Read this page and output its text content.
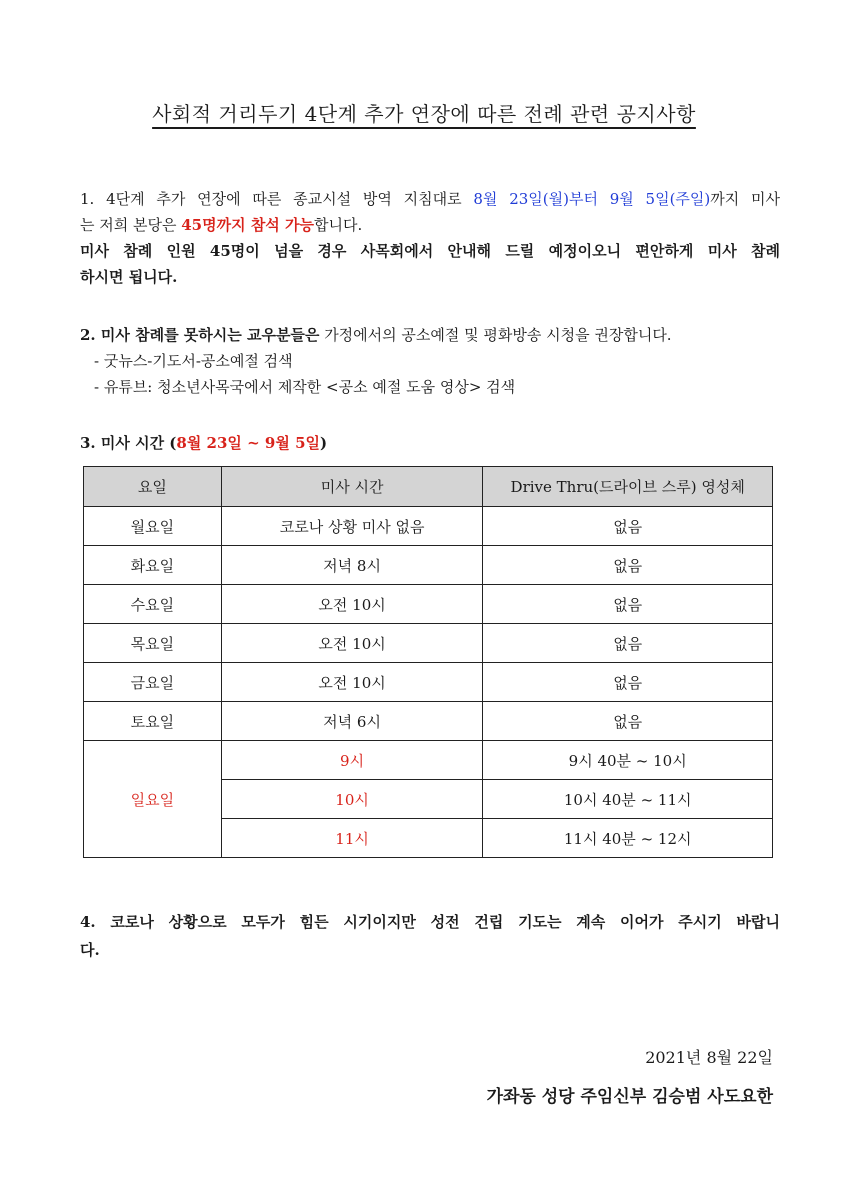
사회적 거리두기 4단계 추가 연장에 따른 전례 관련 공지사항
1. 4단계 추가 연장에 따른 종교시설 방역 지침대로 8월 23일(월)부터 9월 5일(주일)까지 미사
는 저희 본당은 45명까지 참석 가능합니다.
미사 참례 인원 45명이 넘을 경우 사목회에서 안내해 드릴 예정이오니 편안하게 미사 참례
하시면 됩니다.
2. 미사 참례를 못하시는 교우분들은 가정에서의 공소예절 및 평화방송 시청을 권장합니다.
- 굿뉴스-기도서-공소예절 검색
- 유튜브: 청소년사목국에서 제작한 <공소 예절 도움 영상> 검색
3. 미사 시간 (8월 23일 ~ 9월 5일)
요일	미사 시간	Drive Thru(드라이브 스루) 영성체
월요일	코로나 상황 미사 없음	없음
화요일	저녁 8시	없음
수요일	오전 10시	없음
목요일	오전 10시	없음
금요일	오전 10시	없음
토요일	저녁 6시	없음
일요일	9시	9시 40분 ~ 10시
	10시	10시 40분 ~ 11시
	11시	11시 40분 ~ 12시
4. 코로나 상황으로 모두가 힘든 시기이지만 성전 건립 기도는 계속 이어가 주시기 바랍니
다.
2021년 8월 22일
가좌동 성당 주임신부 김승범 사도요한
